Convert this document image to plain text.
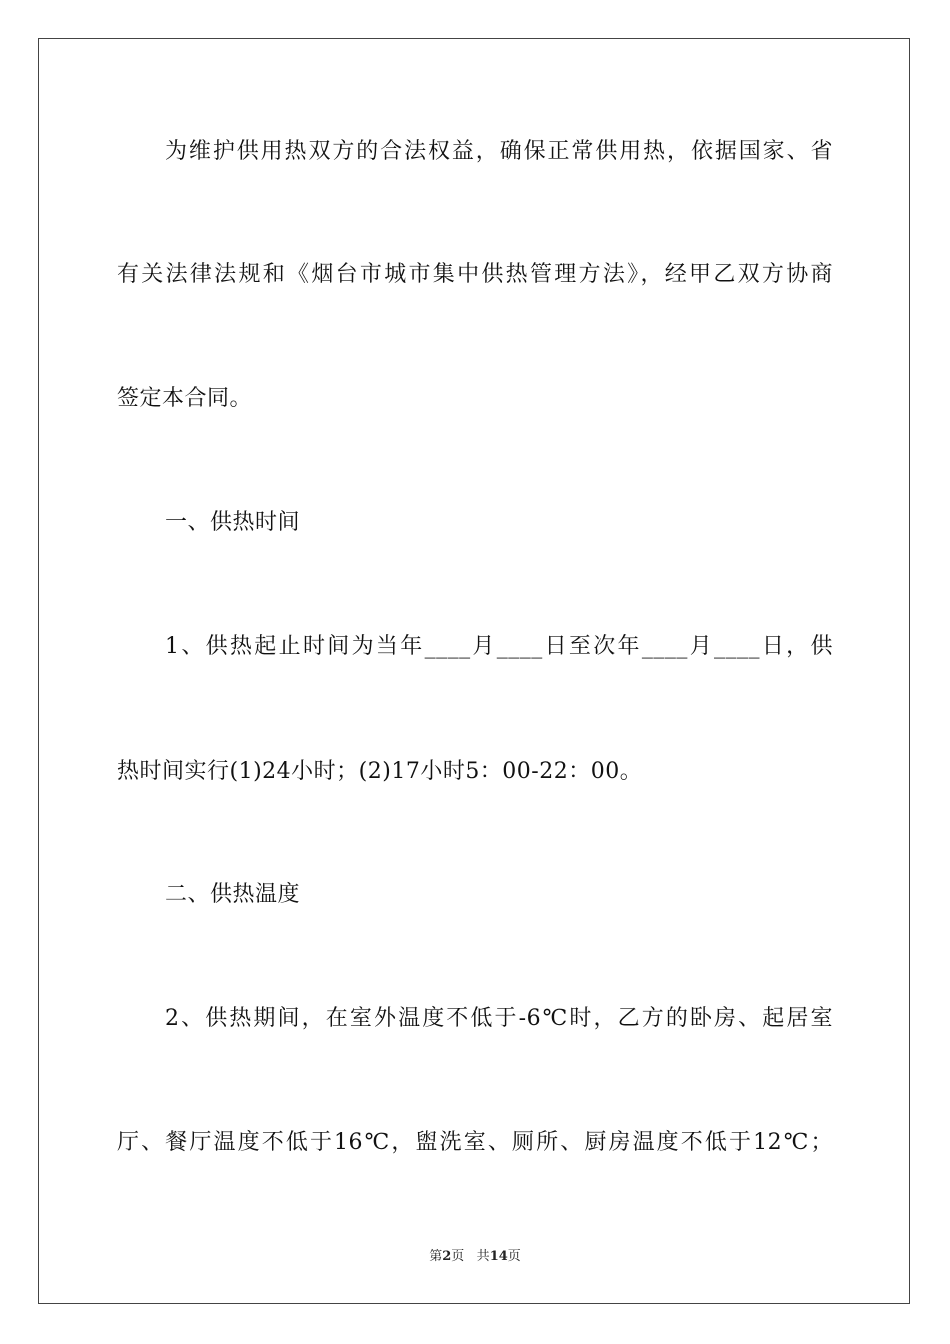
为维护供用热双方的合法权益，确保正常供用热，依据国家、省
有关法律法规和《烟台市城市集中供热管理方法》，经甲乙双方协商
签定本合同。
一、供热时间
1、供热起止时间为当年____月____日至次年____月____日，供
热时间实行(1)24小时；(2)17小时5：00-22：00。
二、供热温度
2、供热期间，在室外温度不低于-6℃时，乙方的卧房、起居室
厅、餐厅温度不低于16℃，盥洗室、厕所、厨房温度不低于12℃；
第2页 共14页
